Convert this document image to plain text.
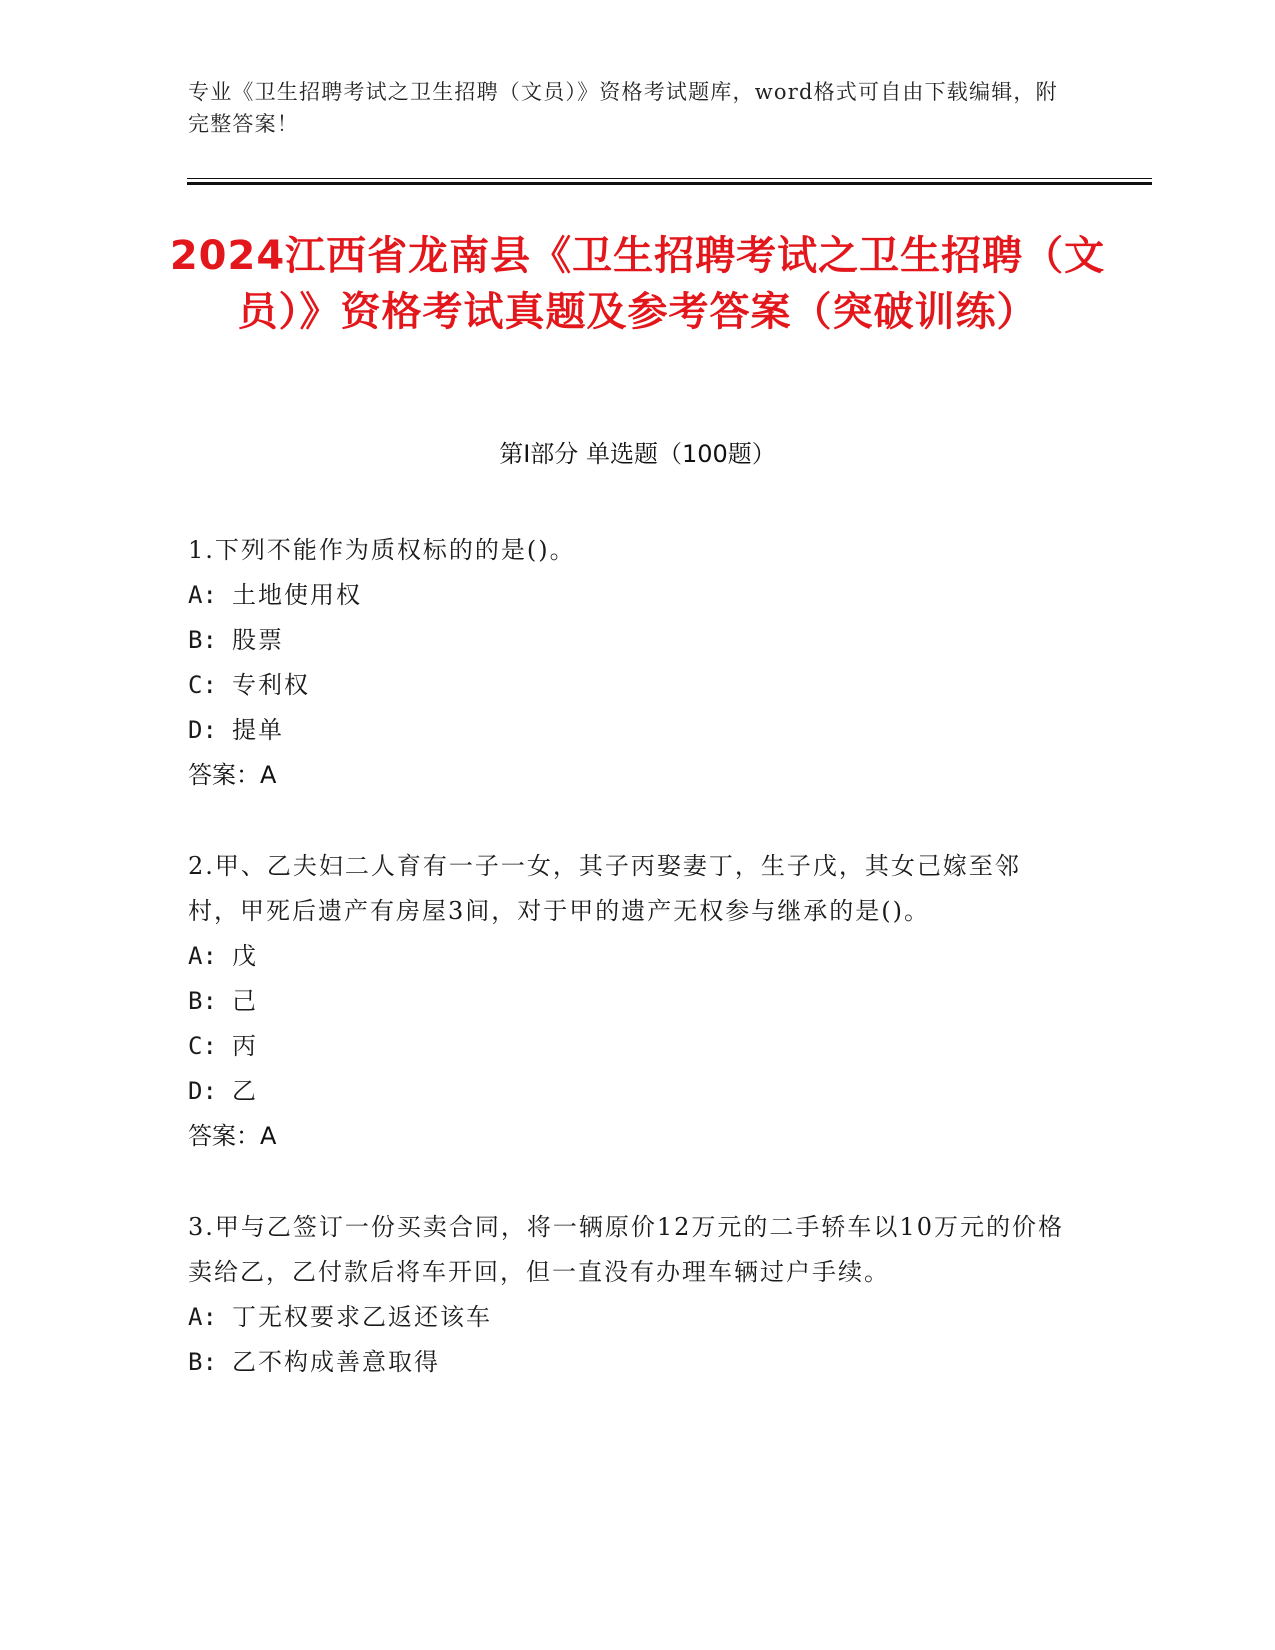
专业《卫生招聘考试之卫生招聘（文员）》资格考试题库，word格式可自由下载编辑，附完整答案！
2024江西省龙南县《卫生招聘考试之卫生招聘（文员）》资格考试真题及参考答案（突破训练）
第Ⅰ部分 单选题（100题）
1.下列不能作为质权标的的是()。
A: 土地使用权
B: 股票
C: 专利权
D: 提单
答案：A
2.甲、乙夫妇二人育有一子一女，其子丙娶妻丁，生子戊，其女己嫁至邻村，甲死后遗产有房屋3间，对于甲的遗产无权参与继承的是()。
A: 戊
B: 己
C: 丙
D: 乙
答案：A
3.甲与乙签订一份买卖合同，将一辆原价12万元的二手轿车以10万元的价格卖给乙，乙付款后将车开回，但一直没有办理车辆过户手续。
A: 丁无权要求乙返还该车
B: 乙不构成善意取得
